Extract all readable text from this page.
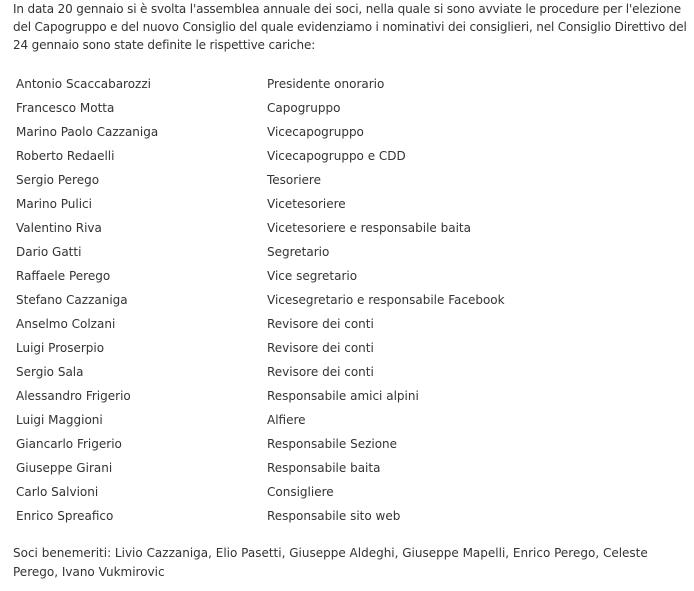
In data 20 gennaio si è svolta l'assemblea annuale dei soci, nella quale si sono avviate le procedure per l'elezione del Capogruppo e del nuovo Consiglio del quale evidenziamo i nominativi dei consiglieri, nel Consiglio Direttivo del 24 gennaio sono state definite le rispettive cariche:

Antonio Scaccabarozzi	Presidente onorario
Francesco Motta	Capogruppo
Marino Paolo Cazzaniga	Vicecapogruppo
Roberto Redaelli	Vicecapogruppo e CDD
Sergio Perego	Tesoriere
Marino Pulici	Vicetesoriere
Valentino Riva	Vicetesoriere e responsabile baita
Dario Gatti	Segretario
Raffaele Perego	Vice segretario
Stefano Cazzaniga	Vicesegretario e responsabile Facebook
Anselmo Colzani	Revisore dei conti
Luigi Proserpio	Revisore dei conti
Sergio Sala	Revisore dei conti
Alessandro Frigerio	Responsabile amici alpini
Luigi Maggioni	Alfiere
Giancarlo Frigerio	Responsabile Sezione
Giuseppe Girani	Responsabile baita
Carlo Salvioni	Consigliere
Enrico Spreafico	Responsabile sito web

Soci benemeriti: Livio Cazzaniga, Elio Pasetti, Giuseppe Aldeghi, Giuseppe Mapelli, Enrico Perego, Celeste Perego, Ivano Vukmirovic
